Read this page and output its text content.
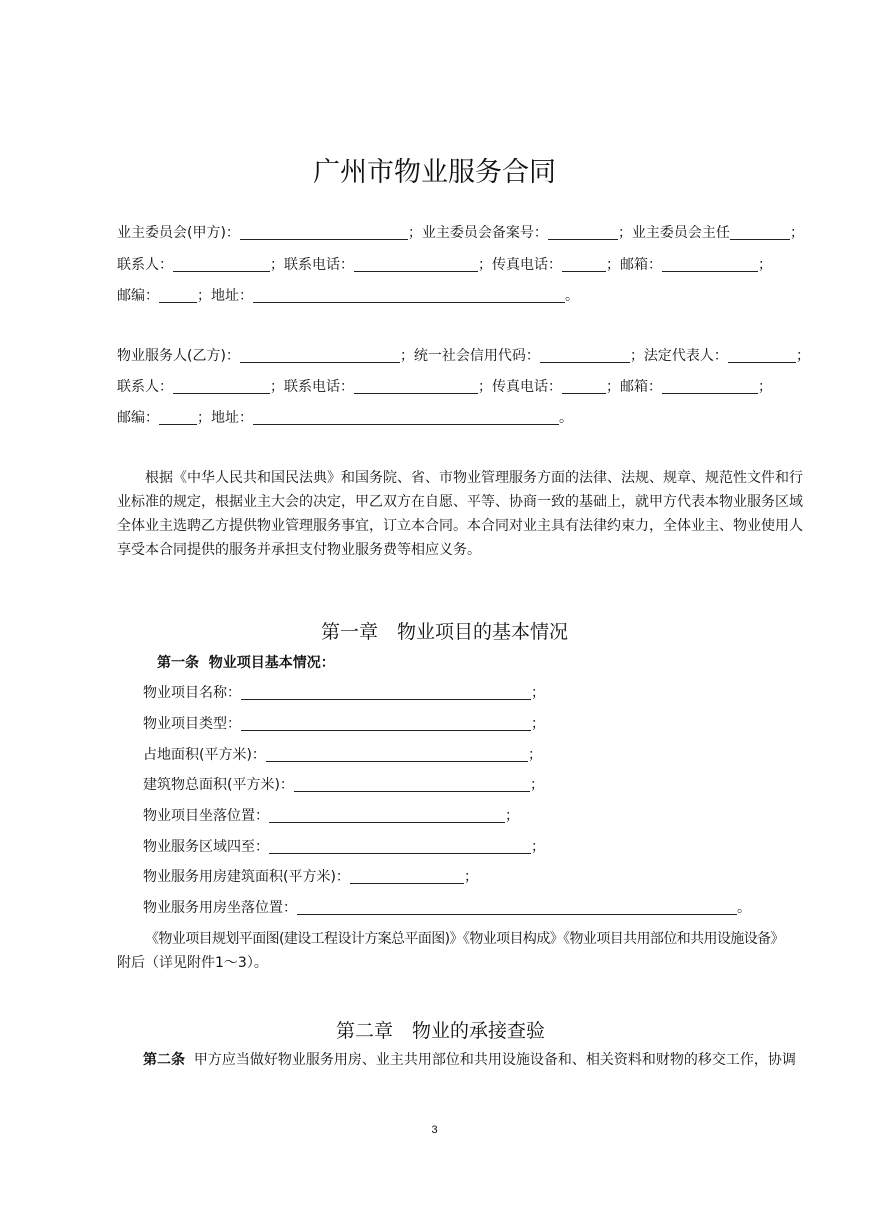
广州市物业服务合同
业主委员会(甲方)：	；业主委员会备案号：	；业主委员会主任	；
联系人：	；联系电话：	；传真电话：	；邮箱：	；
邮编：	；地址：	。
物业服务人(乙方)：	；统一社会信用代码：	；法定代表人：	；
联系人：	；联系电话：	；传真电话：	；邮箱：	；
邮编：	；地址：	。
根据《中华人民共和国民法典》和国务院、省、市物业管理服务方面的法律、法规、规章、规范性文件和行
业标准的规定，根据业主大会的决定，甲乙双方在自愿、平等、协商一致的基础上，就甲方代表本物业服务区域
全体业主选聘乙方提供物业管理服务事宜，订立本合同。本合同对业主具有法律约束力，全体业主、物业使用人
享受本合同提供的服务并承担支付物业服务费等相应义务。
第一章　物业项目的基本情况
第一条 物业项目基本情况：
物业项目名称：	；
物业项目类型：	；
占地面积(平方米)：	；
建筑物总面积(平方米)：	；
物业项目坐落位置：	；
物业服务区域四至：	；
物业服务用房建筑面积(平方米)：	；
物业服务用房坐落位置：	。
《物业项目规划平面图(建设工程设计方案总平面图)》《物业项目构成》《物业项目共用部位和共用设施设备》
附后（详见附件1～3）。
第二章　物业的承接查验
第二条 甲方应当做好物业服务用房、业主共用部位和共用设施设备和、相关资料和财物的移交工作，协调
3
